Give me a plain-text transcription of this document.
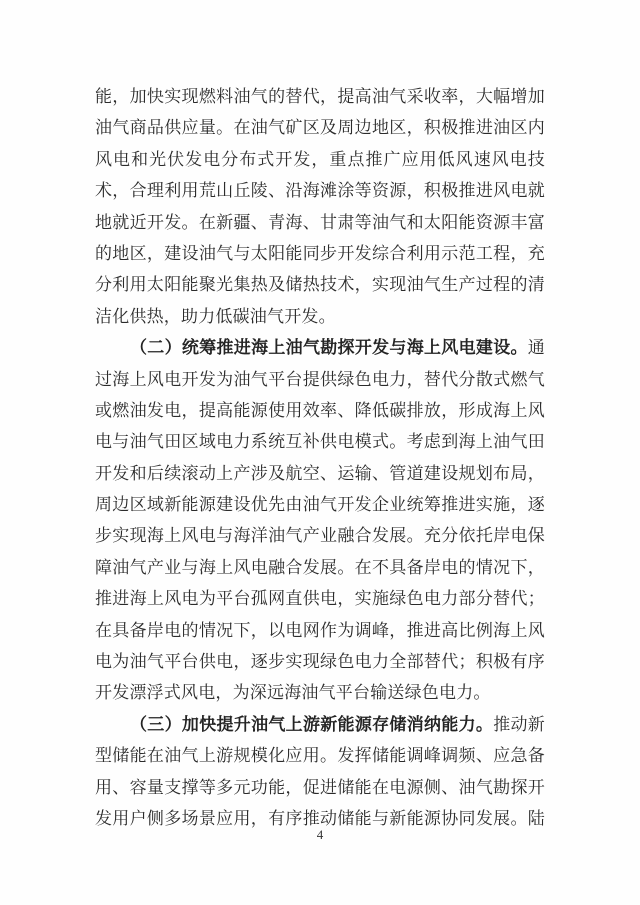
能，加快实现燃料油气的替代，提高油气采收率，大幅增加
油气商品供应量。在油气矿区及周边地区，积极推进油区内
风电和光伏发电分布式开发，重点推广应用低风速风电技
术，合理利用荒山丘陵、沿海滩涂等资源，积极推进风电就
地就近开发。在新疆、青海、甘肃等油气和太阳能资源丰富
的地区，建设油气与太阳能同步开发综合利用示范工程，充
分利用太阳能聚光集热及储热技术，实现油气生产过程的清
洁化供热，助力低碳油气开发。
（二）统筹推进海上油气勘探开发与海上风电建设。通
过海上风电开发为油气平台提供绿色电力，替代分散式燃气
或燃油发电，提高能源使用效率、降低碳排放，形成海上风
电与油气田区域电力系统互补供电模式。考虑到海上油气田
开发和后续滚动上产涉及航空、运输、管道建设规划布局，
周边区域新能源建设优先由油气开发企业统筹推进实施，逐
步实现海上风电与海洋油气产业融合发展。充分依托岸电保
障油气产业与海上风电融合发展。在不具备岸电的情况下，
推进海上风电为平台孤网直供电，实施绿色电力部分替代；
在具备岸电的情况下，以电网作为调峰，推进高比例海上风
电为油气平台供电，逐步实现绿色电力全部替代；积极有序
开发漂浮式风电，为深远海油气平台输送绿色电力。
（三）加快提升油气上游新能源存储消纳能力。推动新
型储能在油气上游规模化应用。发挥储能调峰调频、应急备
用、容量支撑等多元功能，促进储能在电源侧、油气勘探开
发用户侧多场景应用，有序推动储能与新能源协同发展。陆
4
